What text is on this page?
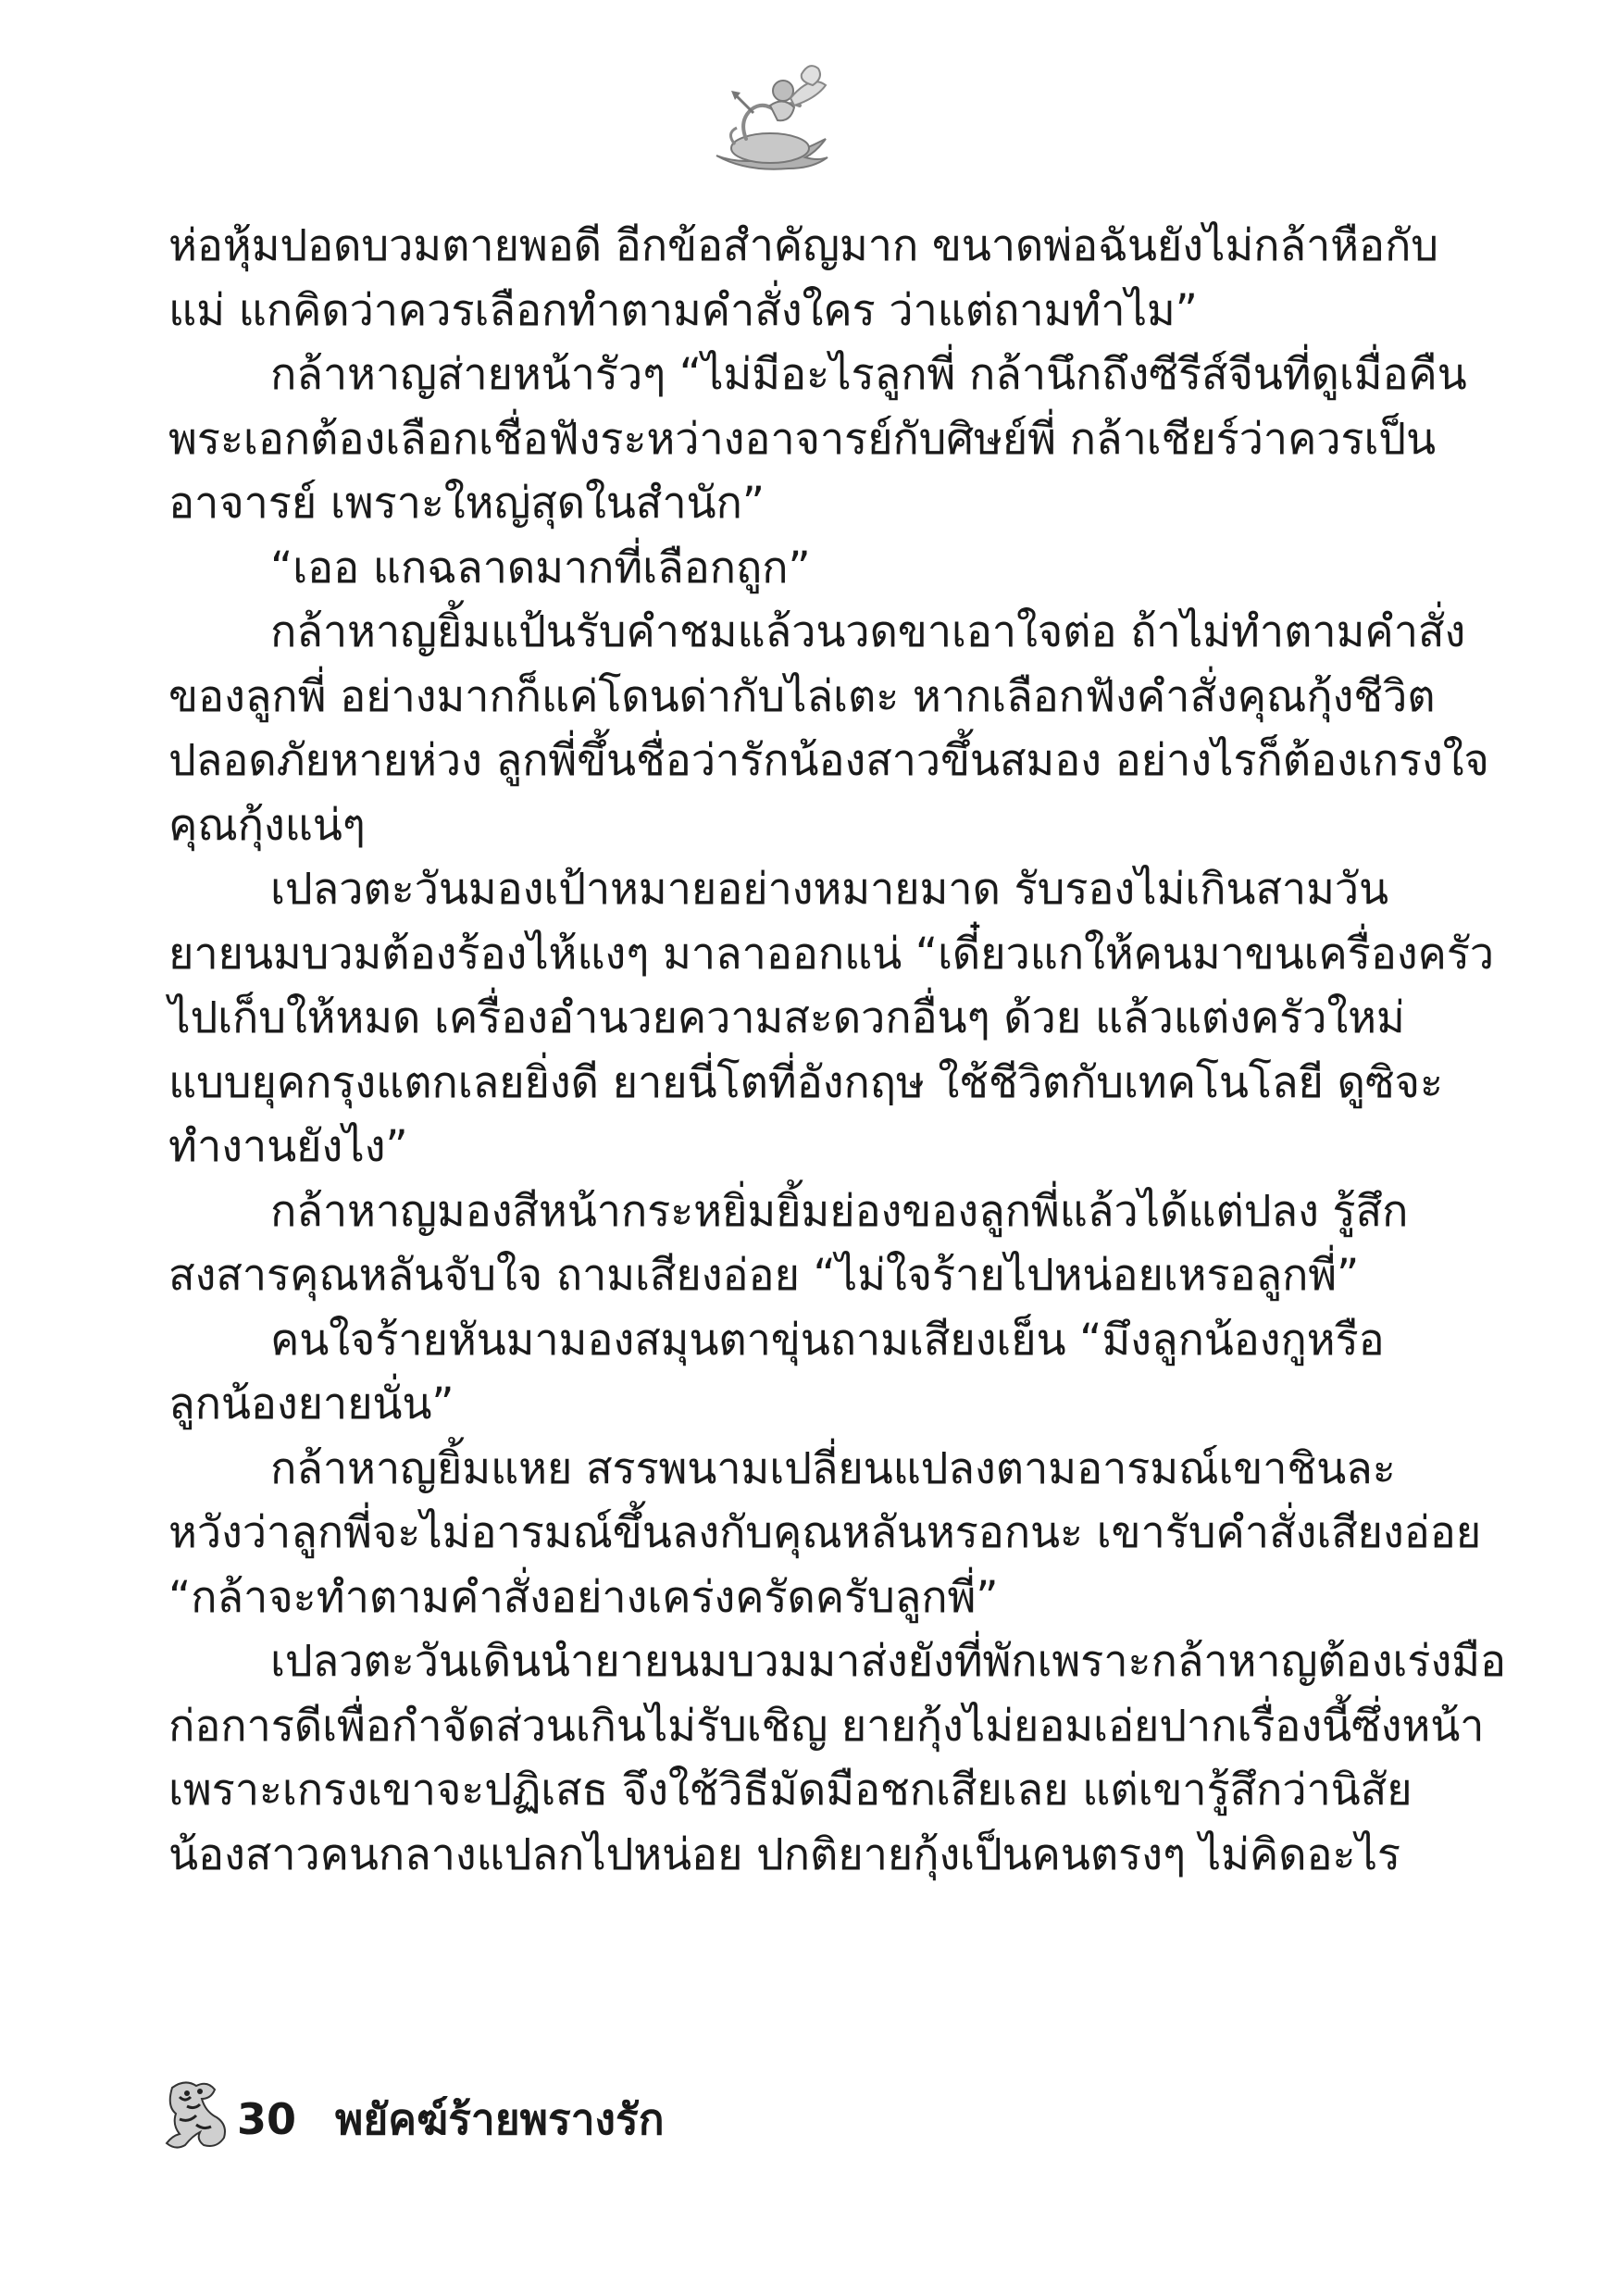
ห่อหุ้มปอดบวมตายพอดี อีกข้อสำคัญมาก ขนาดพ่อฉันยังไม่กล้าหือกับ
แม่ แกคิดว่าควรเลือกทำตามคำสั่งใคร ว่าแต่ถามทำไม”
กล้าหาญส่ายหน้ารัวๆ “ไม่มีอะไรลูกพี่ กล้านึกถึงซีรีส์จีนที่ดูเมื่อคืน
พระเอกต้องเลือกเชื่อฟังระหว่างอาจารย์กับศิษย์พี่ กล้าเชียร์ว่าควรเป็น
อาจารย์ เพราะใหญ่สุดในสำนัก”
“เออ แกฉลาดมากที่เลือกถูก”
กล้าหาญยิ้มแป้นรับคำชมแล้วนวดขาเอาใจต่อ ถ้าไม่ทำตามคำสั่ง
ของลูกพี่ อย่างมากก็แค่โดนด่ากับไล่เตะ หากเลือกฟังคำสั่งคุณกุ้งชีวิต
ปลอดภัยหายห่วง ลูกพี่ขึ้นชื่อว่ารักน้องสาวขึ้นสมอง อย่างไรก็ต้องเกรงใจ
คุณกุ้งแน่ๆ
เปลวตะวันมองเป้าหมายอย่างหมายมาด รับรองไม่เกินสามวัน
ยายนมบวมต้องร้องไห้แงๆ มาลาออกแน่ “เดี๋ยวแกให้คนมาขนเครื่องครัว
ไปเก็บให้หมด เครื่องอำนวยความสะดวกอื่นๆ ด้วย แล้วแต่งครัวใหม่
แบบยุคกรุงแตกเลยยิ่งดี ยายนี่โตที่อังกฤษ ใช้ชีวิตกับเทคโนโลยี ดูซิจะ
ทำงานยังไง”
กล้าหาญมองสีหน้ากระหยิ่มยิ้มย่องของลูกพี่แล้วได้แต่ปลง รู้สึก
สงสารคุณหลันจับใจ ถามเสียงอ่อย “ไม่ใจร้ายไปหน่อยเหรอลูกพี่”
คนใจร้ายหันมามองสมุนตาขุ่นถามเสียงเย็น “มึงลูกน้องกูหรือ
ลูกน้องยายนั่น”
กล้าหาญยิ้มแหย สรรพนามเปลี่ยนแปลงตามอารมณ์เขาชินละ
หวังว่าลูกพี่จะไม่อารมณ์ขึ้นลงกับคุณหลันหรอกนะ เขารับคำสั่งเสียงอ่อย
“กล้าจะทำตามคำสั่งอย่างเคร่งครัดครับลูกพี่”
เปลวตะวันเดินนำยายนมบวมมาส่งยังที่พักเพราะกล้าหาญต้องเร่งมือ
ก่อการดีเพื่อกำจัดส่วนเกินไม่รับเชิญ ยายกุ้งไม่ยอมเอ่ยปากเรื่องนี้ซึ่งหน้า
เพราะเกรงเขาจะปฏิเสธ จึงใช้วิธีมัดมือชกเสียเลย แต่เขารู้สึกว่านิสัย
น้องสาวคนกลางแปลกไปหน่อย ปกติยายกุ้งเป็นคนตรงๆ ไม่คิดอะไร
30 พยัคฆ์ร้ายพรางรัก
